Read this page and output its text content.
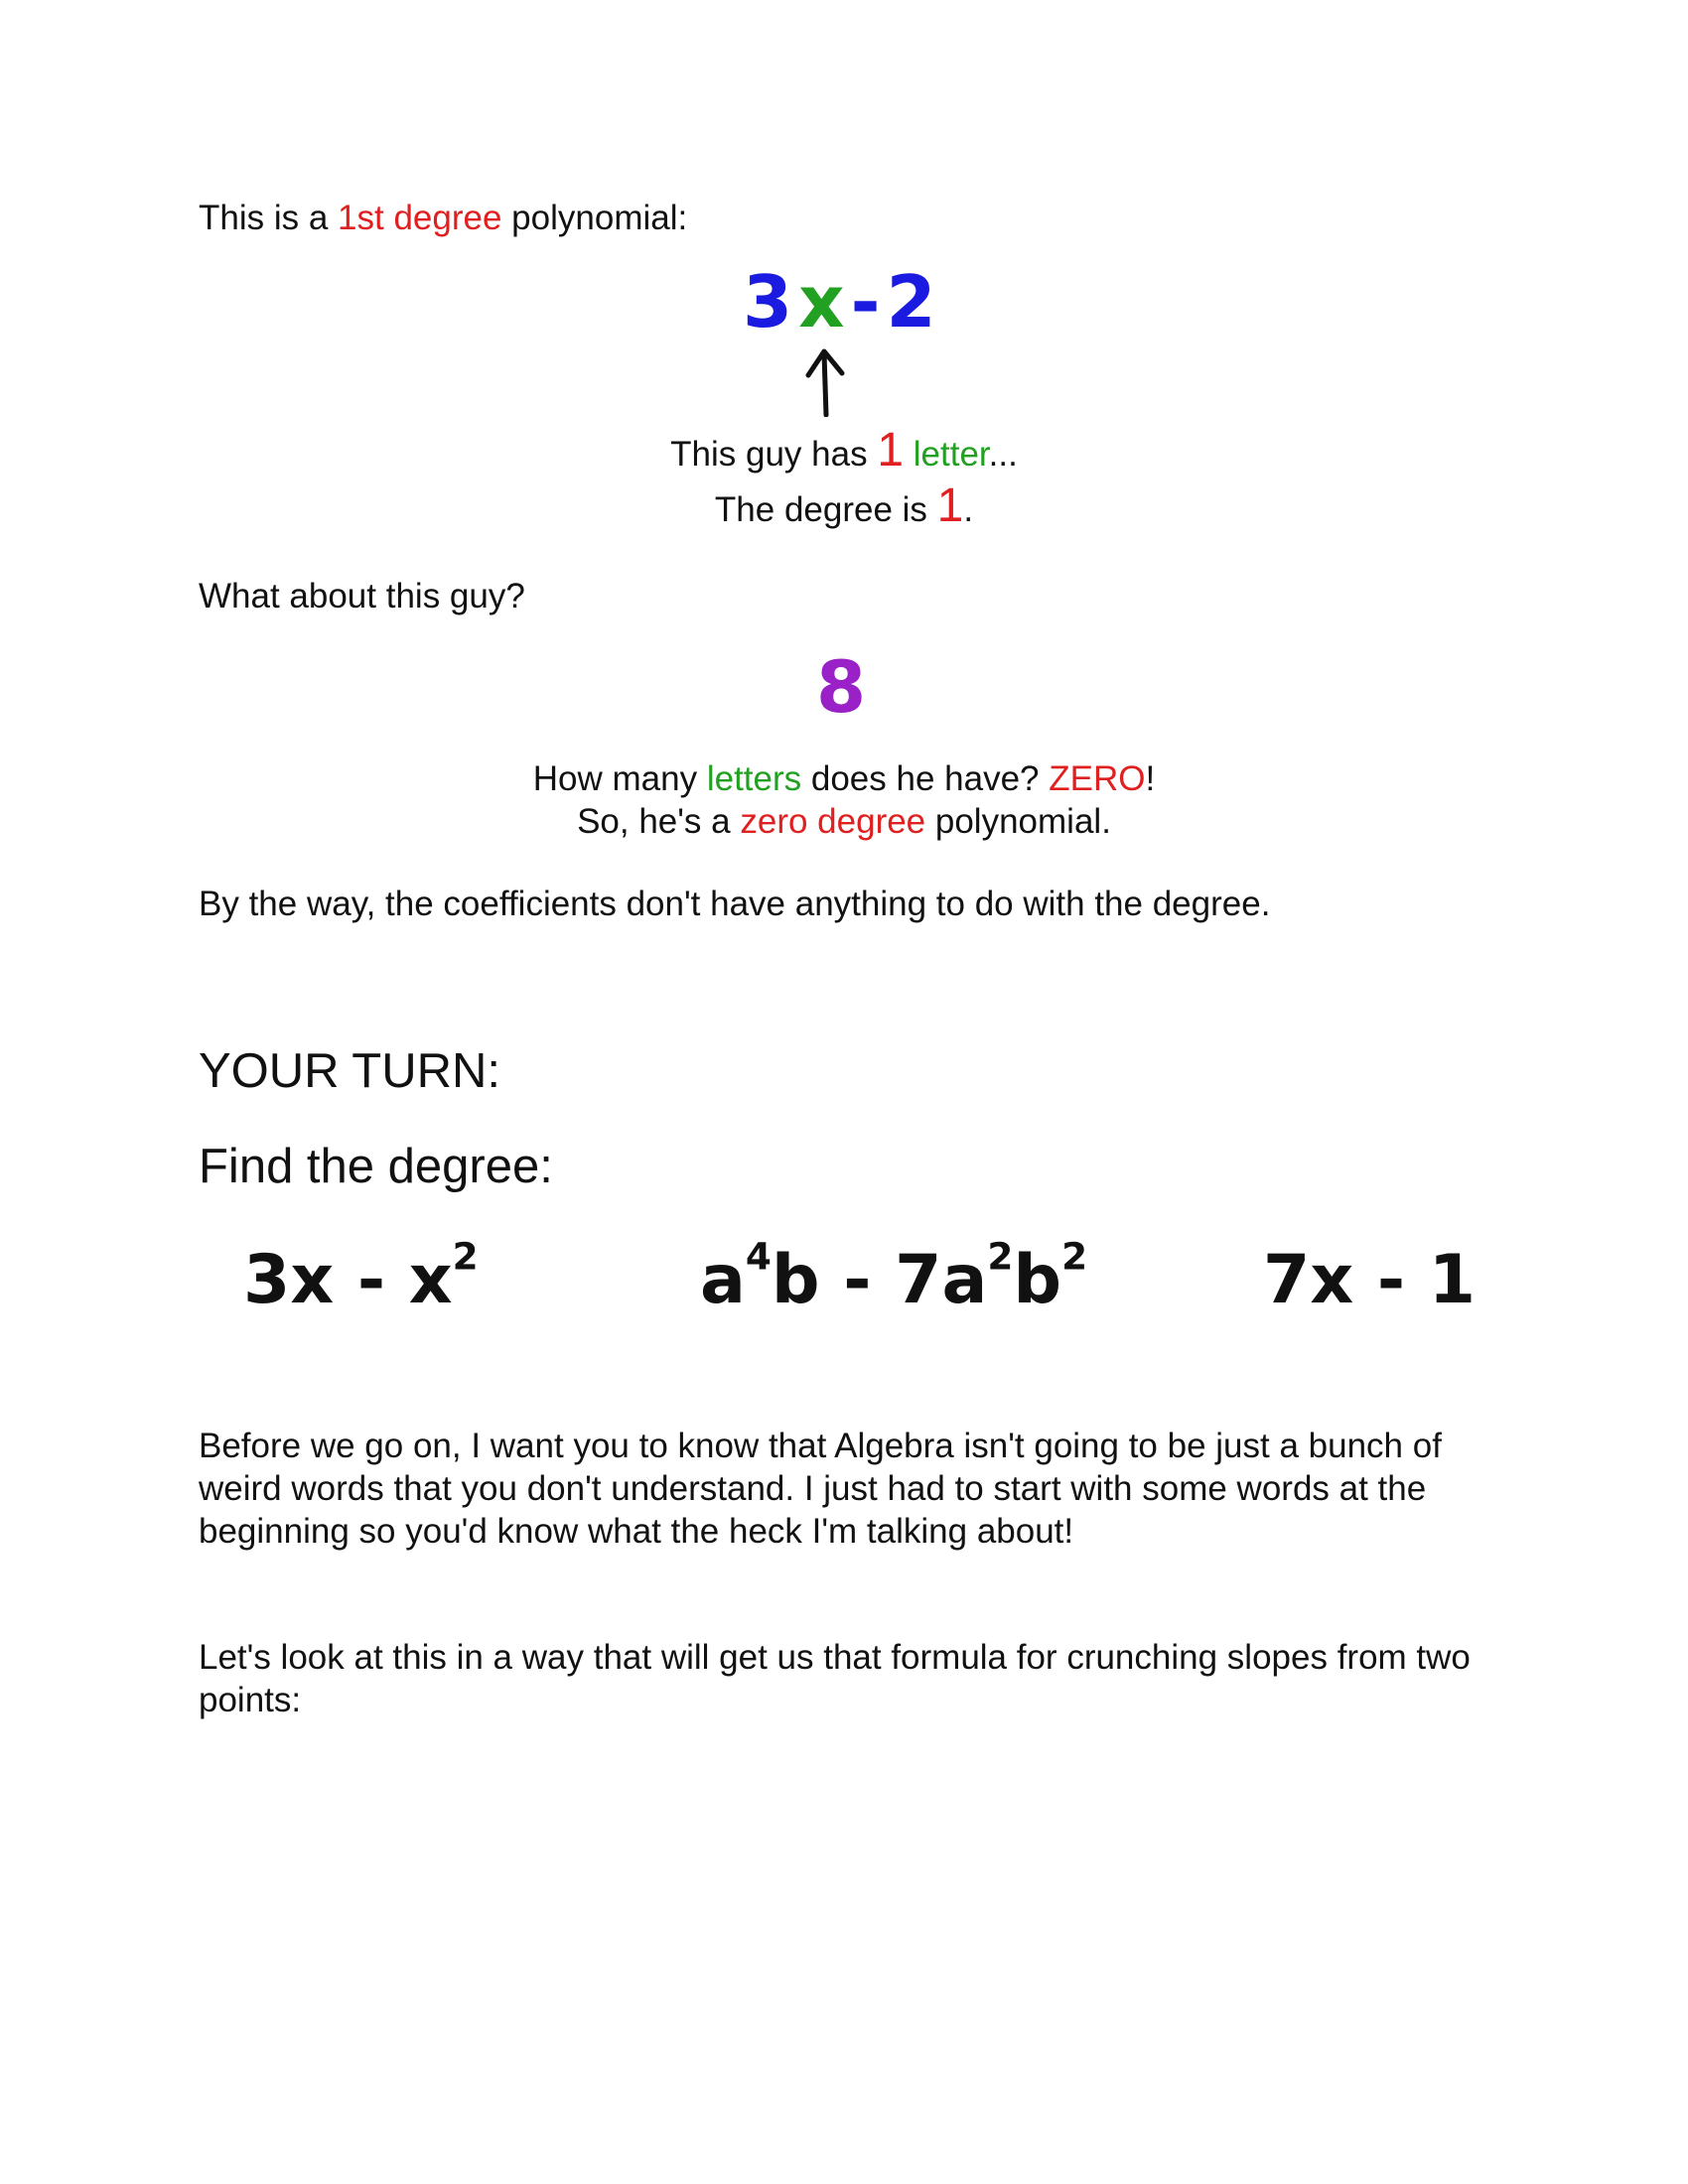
This is a 1st degree polynomial:
3x-2
This guy has 1 letter...
The degree is 1.
What about this guy?
8
How many letters does he have? ZERO!
So, he's a zero degree polynomial.
By the way, the coefficients don't have anything to do with the degree.
YOUR TURN:
Find the degree:
$3x - x^2$	$a^4b - 7a^2b^2$	7x - 1
Before we go on, I want you to know that Algebra isn't going to be just a bunch of weird words that you don't understand. I just had to start with some words at the beginning so you'd know what the heck I'm talking about!
Let's look at this in a way that will get us that formula for crunching slopes from two points:
